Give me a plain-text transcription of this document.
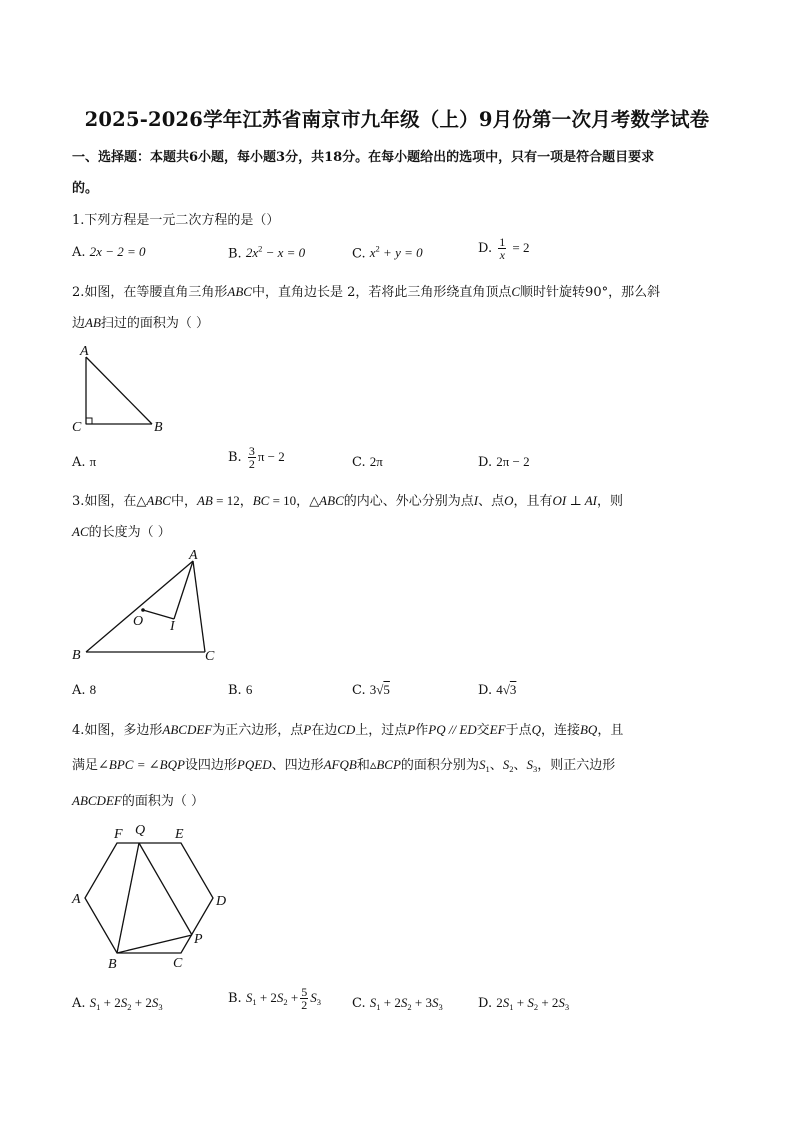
2025-2026学年江苏省南京市九年级（上）9月份第一次月考数学试卷
一、选择题：本题共6小题，每小题3分，共18分。在每小题给出的选项中，只有一项是符合题目要求
的。
1.下列方程是一元二次方程的是（）
A. 2x − 2 = 0	B. $2x^2 - x = 0$	C. $x^2 + y = 0$	D. $\frac{1}{x} = 2$
2.如图，在等腰直角三角形ABC中，直角边长是 2，若将此三角形绕直角顶点C顺时针旋转90°，那么斜
边AB扫过的面积为（ ）
A
C	B
A. π	B. $\frac{3}{2}$ π − 2	C. 2π	D. 2π − 2
3.如图，在△ABC中，AB = 12，BC = 10，△ABC的内心、外心分别为点I、点O，且有OI ⊥ AI，则
AC的长度为（ ）
A
O I
B	C
A. 8	B. 6	C. 3√5	D. 4√3
4.如图，多边形ABCDEF为正六边形，点P在边CD上，过点P作PQ // ED交EF于点Q，连接BQ，且
满足∠BPC = ∠BQP设四边形PQED、四边形AFQB和▵BCP的面积分别为$S_1$、$S_2$、$S_3$，则正六边形
ABCDEF的面积为（ ）
F Q E
A	D
P
B	C
A. $S_1 + 2S_2 + 2S_3$
B. $S_1 + 2S_2 + \frac{5}{2} S_3$ C. $S_1 + 2S_2 + 3S_3$	D. $2S_1 + S_2 + 2S_3$
